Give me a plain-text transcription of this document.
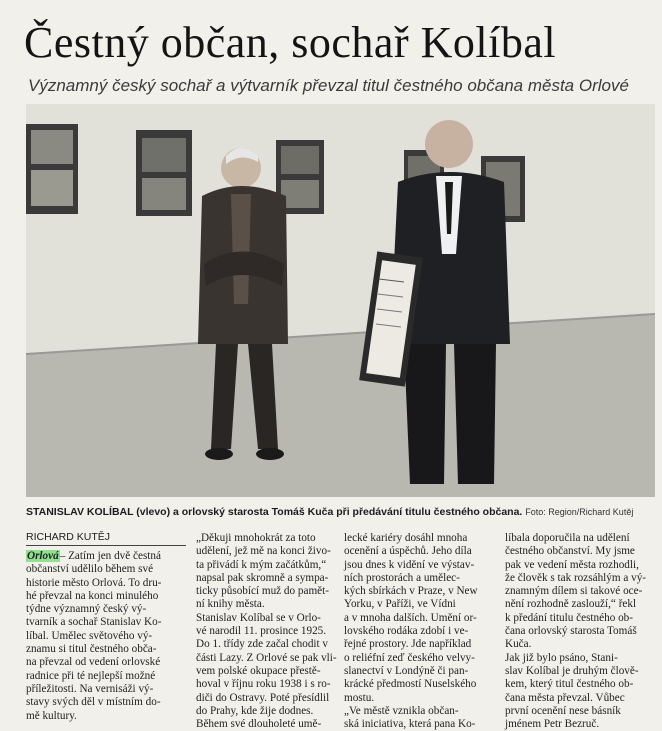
Čestný občan, sochař Kolíbal
Významný český sochař a výtvarník převzal titul čestného občana města Orlové
STANISLAV KOLÍBAL (vlevo) a orlovský starosta Tomáš Kuča při předávání titulu čestného občana. Foto: Region/Richard Kutěj
RICHARD KUTĚJ
Orlová– Zatím jen dvě čestná
občanství udělilo během své
historie město Orlová. To dru-
hé převzal na konci minulého
týdne významný český vý-
tvarník a sochař Stanislav Ko-
líbal. Umělec světového vý-
znamu si titul čestného obča-
na převzal od vedení orlovské
radnice při té nejlepší možné
příležitosti. Na vernisáži vý-
stavy svých děl v místním do-
mě kultury.
„Děkuji mnohokrát za toto
udělení, jež mě na konci živo-
ta přivádí k mým začátkům,“
napsal pak skromně a sympa-
ticky působící muž do pamět-
ní knihy města.
Stanislav Kolíbal se v Orlo-
vé narodil 11. prosince 1925.
Do 1. třídy zde začal chodit v
části Lazy. Z Orlové se pak vli-
vem polské okupace přestě-
hoval v říjnu roku 1938 i s ro-
diči do Ostravy. Poté přesídlil
do Prahy, kde žije dodnes.
Během své dlouholeté umě-
lecké kariéry dosáhl mnoha
ocenění a úspěchů. Jeho díla
jsou dnes k vidění ve výstav-
ních prostorách a umělec-
kých sbírkách v Praze, v New
Yorku, v Paříži, ve Vídni
a v mnoha dalších. Umění or-
lovského rodáka zdobí i ve-
řejné prostory. Jde například
o reliéfní zeď českého velvy-
slanectví v Londýně či pan-
krácké předmostí Nuselského
mostu.
„Ve městě vznikla občan-
ská iniciativa, která pana Ko-
líbala doporučila na udělení
čestného občanství. My jsme
pak ve vedení města rozhodli,
že člověk s tak rozsáhlým a vý-
znamným dílem si takové oce-
nění rozhodně zaslouží,“ řekl
k předání titulu čestného ob-
čana orlovský starosta Tomáš
Kuča.
Jak již bylo psáno, Stani-
slav Kolíbal je druhým člově-
kem, který titul čestného ob-
čana města převzal. Vůbec
první ocenění nese básník
jménem Petr Bezruč.
